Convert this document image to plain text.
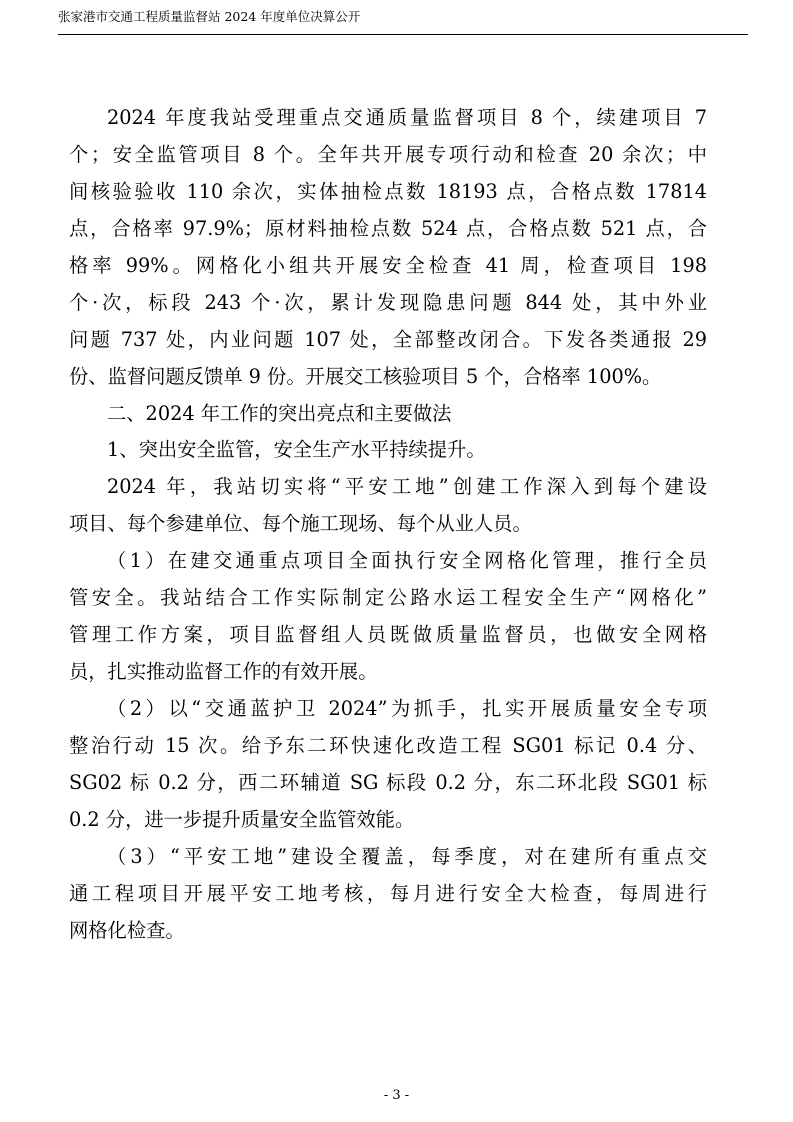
张家港市交通工程质量监督站 2024 年度单位决算公开
2024 年度我站受理重点交通质量监督项目 8 个，续建项目 7
个；安全监管项目 8 个。全年共开展专项行动和检查 20 余次；中
间核验验收 110 余次，实体抽检点数 18193 点，合格点数 17814
点，合格率 97.9%；原材料抽检点数 524 点，合格点数 521 点，合
格率 99%。网格化小组共开展安全检查 41 周，检查项目 198
个·次，标段 243 个·次，累计发现隐患问题 844 处，其中外业
问题 737 处，内业问题 107 处，全部整改闭合。下发各类通报 29
份、监督问题反馈单 9 份。开展交工核验项目 5 个，合格率 100%。
二、2024 年工作的突出亮点和主要做法
1、突出安全监管，安全生产水平持续提升。
2024 年，我站切实将“平安工地”创建工作深入到每个建设
项目、每个参建单位、每个施工现场、每个从业人员。
（1）在建交通重点项目全面执行安全网格化管理，推行全员
管安全。我站结合工作实际制定公路水运工程安全生产“网格化”
管理工作方案，项目监督组人员既做质量监督员，也做安全网格
员，扎实推动监督工作的有效开展。
（2）以“交通蓝护卫 2024”为抓手，扎实开展质量安全专项
整治行动 15 次。给予东二环快速化改造工程 SG01 标记 0.4 分、
SG02 标 0.2 分，西二环辅道 SG 标段 0.2 分，东二环北段 SG01 标
0.2 分，进一步提升质量安全监管效能。
（3）“平安工地”建设全覆盖，每季度，对在建所有重点交
通工程项目开展平安工地考核，每月进行安全大检查，每周进行
网格化检查。
- 3 -
